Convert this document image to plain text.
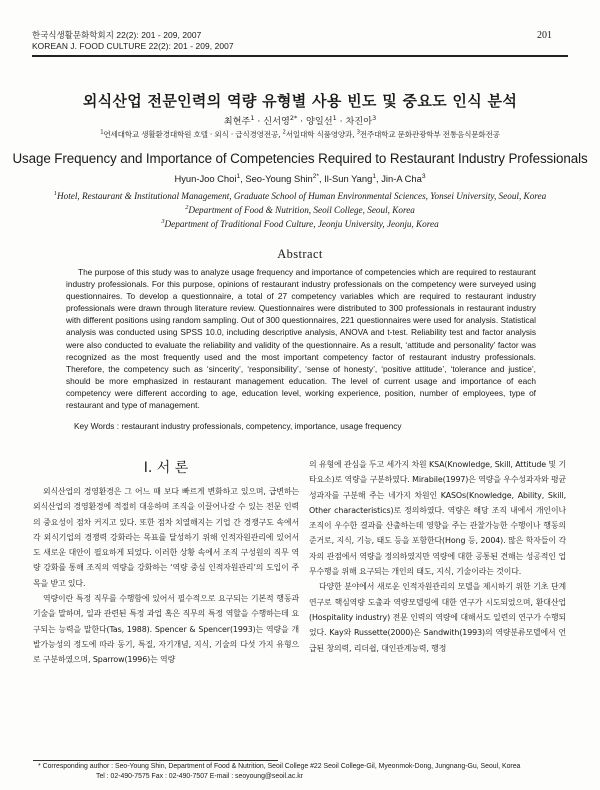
한국식생활문화학회지 22(2): 201 - 209, 2007
KOREAN J. FOOD CULTURE 22(2): 201 - 209, 2007
201
외식산업 전문인력의 역량 유형별 사용 빈도 및 중요도 인식 분석
최현주$^1$ · 신서영$^{2*}$ · 양일선$^1$ · 차진아$^3$
$^1$연세대학교 생활환경대학원 호텔 · 외식 · 급식경영전공, $^2$서일대학 식품영양과, $^3$전주대학교 문화관광학부 전통음식문화전공
Usage Frequency and Importance of Competencies Required to Restaurant Industry Professionals
Hyun-Joo Choi$^1$, Seo-Young Shin$^{2*}$, Il-Sun Yang$^1$, Jin-A Cha$^3$
$^1$Hotel, Restaurant & Institutional Management, Graduate School of Human Environmental Sciences, Yonsei University, Seoul, Korea
$^2$Department of Food & Nutrition, Seoil College, Seoul, Korea
$^3$Department of Traditional Food Culture, Jeonju University, Jeonju, Korea
Abstract

The purpose of this study was to analyze usage frequency and importance of competencies which are required to restaurant industry professionals. For this purpose, opinions of restaurant industry professionals on the competency were surveyed using questionnaires. To develop a questionnaire, a total of 27 competency variables which are required to restaurant industry professionals were drawn through literature review. Questionnaires were distributed to 300 professionals in restaurant industry with different positions using random sampling. Out of 300 questionnaires, 221 questionnaires were used for analysis. Statistical analysis was conducted using SPSS 10.0, including descriptive analysis, ANOVA and t-test. Reliability test and factor analysis were also conducted to evaluate the reliability and validity of the questionnaire. As a result, ‘attitude and personality’ factor was recognized as the most frequently used and the most important competency factor of restaurant industry professionals. Therefore, the competency such as ‘sincerity’, ‘responsibility’, ‘sense of honesty’, ‘positive attitude’, ‘tolerance and justice’, should be more emphasized in restaurant management education. The level of current usage and importance of each competency were different according to age, education level, working experience, position, number of employees, type of restaurant and type of management.

Key Words : restaurant industry professionals, competency, importance, usage frequency
I. 서 론

외식산업의 경영환경은 그 어느 때 보다 빠르게 변화하고 있으며, 급변하는 외식산업의 경영환경에 적절히 대응하며 조직을 이끌어나갈 수 있는 전문 인력의 중요성이 점차 커지고 있다. 또한 점차 치열해지는 기업 간 경쟁구도 속에서 각 외식기업의 경쟁력 강화라는 목표를 달성하기 위해 인적자원관리에 있어서도 새로운 대안이 필요하게 되었다. 이러한 상황 속에서 조직 구성원의 직무 역량 강화를 통해 조직의 역량을 강화하는 ‘역량 중심 인적자원관리’의 도입이 주목을 받고 있다.

역량이란 특정 직무를 수행함에 있어서 필수적으로 요구되는 기본적 행동과 기술을 말하며, 일과 관련된 특정 과업 혹은 직무의 특정 역할을 수행하는데 요구되는 능력을 말한다(Tas, 1988). Spencer & Spencer(1993)는 역량을 개발가능성의 정도에 따라 동기, 특질, 자기개념, 지식, 기술의 다섯 가지 유형으로 구분하였으며, Sparrow(1996)는 역량

의 유형에 관심을 두고 세가지 차원 KSA(Knowledge, Skill, Attitude 및 기타요소)로 역량을 구분하였다. Mirabile(1997)은 역량을 우수성과자와 평균성과자를 구분해 주는 네가지 차원인 KASOs(Knowledge, Ability, Skill, Other characteristics)로 정의하였다. 역량은 해당 조직 내에서 개인이나 조직이 우수한 결과를 산출하는데 영향을 주는 관찰가능한 수행이나 행동의 준거로, 지식, 기능, 태도 등을 포함한다(Hong 등, 2004). 많은 학자들이 각자의 관점에서 역량을 정의하였지만 역량에 대한 공통된 견해는 성공적인 업무수행을 위해 요구되는 개인의 태도, 지식, 기술이라는 것이다.

다양한 분야에서 새로운 인적자원관리의 모델을 제시하기 위한 기초 단계 연구로 핵심역량 도출과 역량모델링에 대한 연구가 시도되었으며, 환대산업(Hospitality industry) 전문 인력의 역량에 대해서도 일련의 연구가 수행되었다. Kay와 Russette(2000)은 Sandwith(1993)의 역량분류모델에서 언급된 창의력, 리더쉽, 대인관계능력, 행정

* Corresponding author : Seo-Young Shin, Department of Food & Nutrition, Seoil College #22 Seoil College-Gil, Myeonmok-Dong, Jungnang-Gu, Seoul, Korea
Tel : 02-490-7575 Fax : 02-490-7507 E-mail : seoyoung@seoil.ac.kr
